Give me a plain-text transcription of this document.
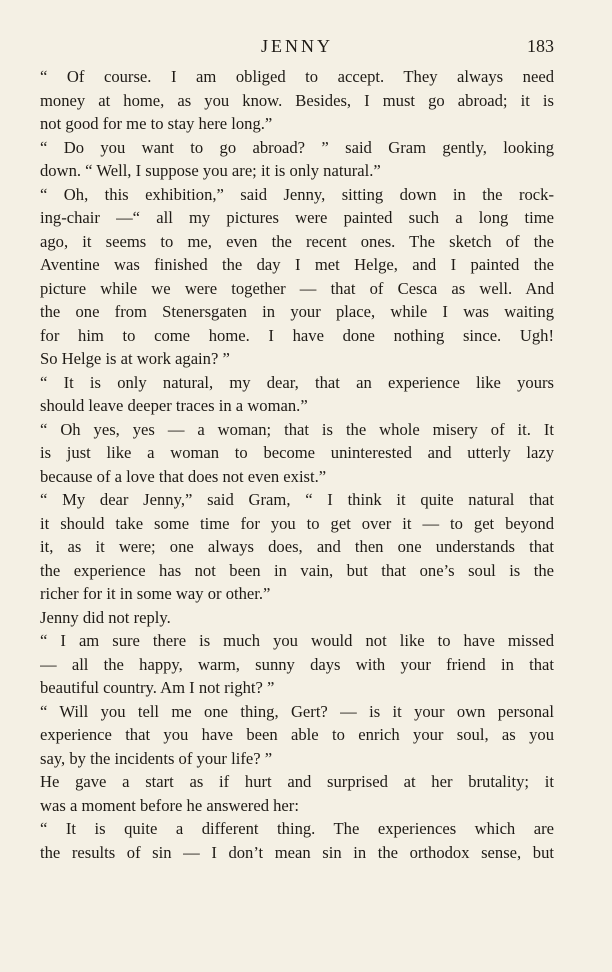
JENNY	183
“ Of course. I am obliged to accept. They always need
money at home, as you know. Besides, I must go abroad; it is
not good for me to stay here long.”
“ Do you want to go abroad? ” said Gram gently, looking
down. “ Well, I suppose you are; it is only natural.”
“ Oh, this exhibition,” said Jenny, sitting down in the rock-
ing-chair —“ all my pictures were painted such a long time
ago, it seems to me, even the recent ones. The sketch of the
Aventine was finished the day I met Helge, and I painted the
picture while we were together — that of Cesca as well. And
the one from Stenersgaten in your place, while I was waiting
for him to come home. I have done nothing since. Ugh!
So Helge is at work again? ”
“ It is only natural, my dear, that an experience like yours
should leave deeper traces in a woman.”
“ Oh yes, yes — a woman; that is the whole misery of it. It
is just like a woman to become uninterested and utterly lazy
because of a love that does not even exist.”
“ My dear Jenny,” said Gram, “ I think it quite natural that
it should take some time for you to get over it — to get beyond
it, as it were; one always does, and then one understands that
the experience has not been in vain, but that one’s soul is the
richer for it in some way or other.”
Jenny did not reply.
“ I am sure there is much you would not like to have missed
— all the happy, warm, sunny days with your friend in that
beautiful country. Am I not right? ”
“ Will you tell me one thing, Gert? — is it your own personal
experience that you have been able to enrich your soul, as you
say, by the incidents of your life? ”
He gave a start as if hurt and surprised at her brutality; it
was a moment before he answered her:
“ It is quite a different thing. The experiences which are
the results of sin — I don’t mean sin in the orthodox sense, but
